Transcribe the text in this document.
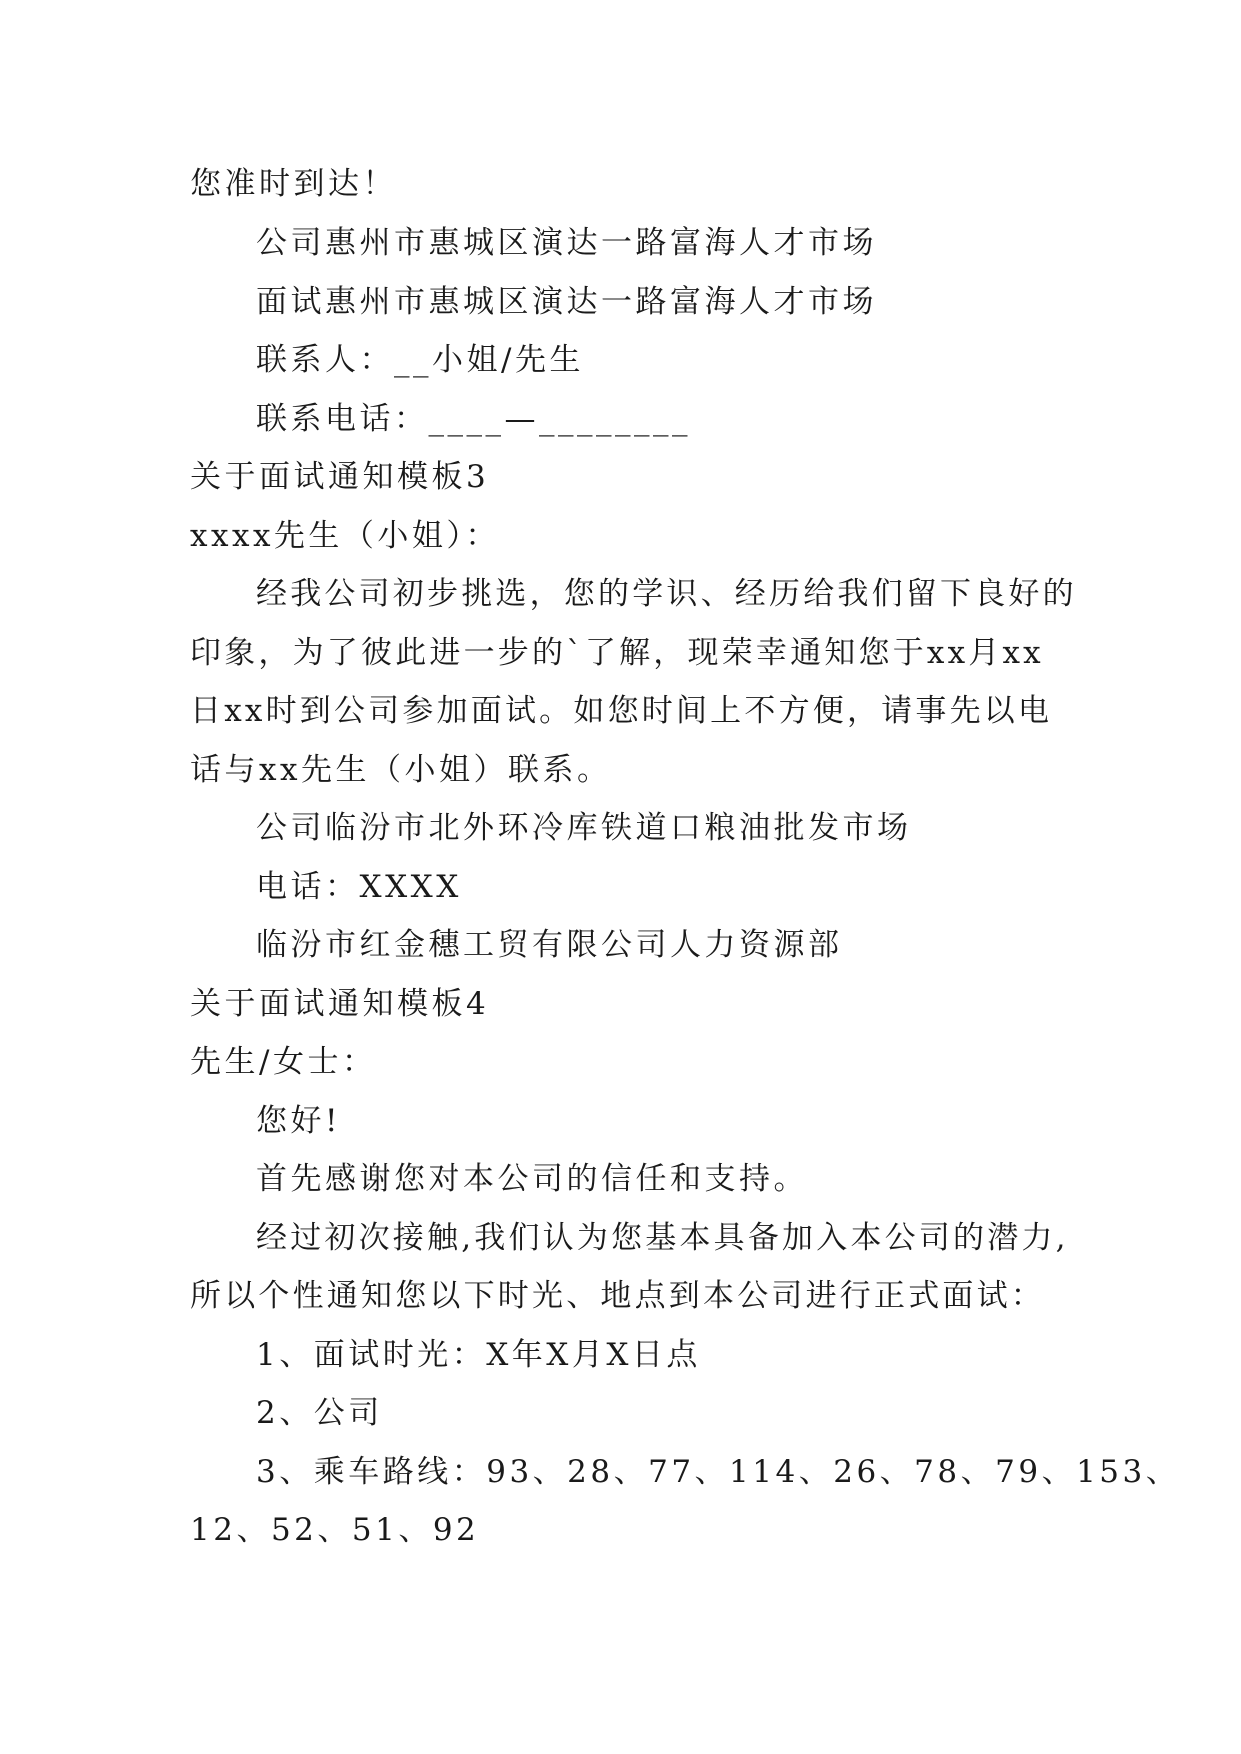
您准时到达！
公司惠州市惠城区演达一路富海人才市场
面试惠州市惠城区演达一路富海人才市场
联系人：__小姐/先生
联系电话：____—________
关于面试通知模板3
xxxx先生（小姐）：
经我公司初步挑选，您的学识、经历给我们留下良好的
印象，为了彼此进一步的`了解，现荣幸通知您于xx月xx
日xx时到公司参加面试。如您时间上不方便，请事先以电
话与xx先生（小姐）联系。
公司临汾市北外环冷库铁道口粮油批发市场
电话：XXXX
临汾市红金穗工贸有限公司人力资源部
关于面试通知模板4
先生/女士：
您好!
首先感谢您对本公司的信任和支持。
经过初次接触,我们认为您基本具备加入本公司的潜力,
所以个性通知您以下时光、地点到本公司进行正式面试：
1、面试时光：X年X月X日点
2、公司
3、乘车路线：93、28、77、114、26、78、79、153、
12、52、51、92
